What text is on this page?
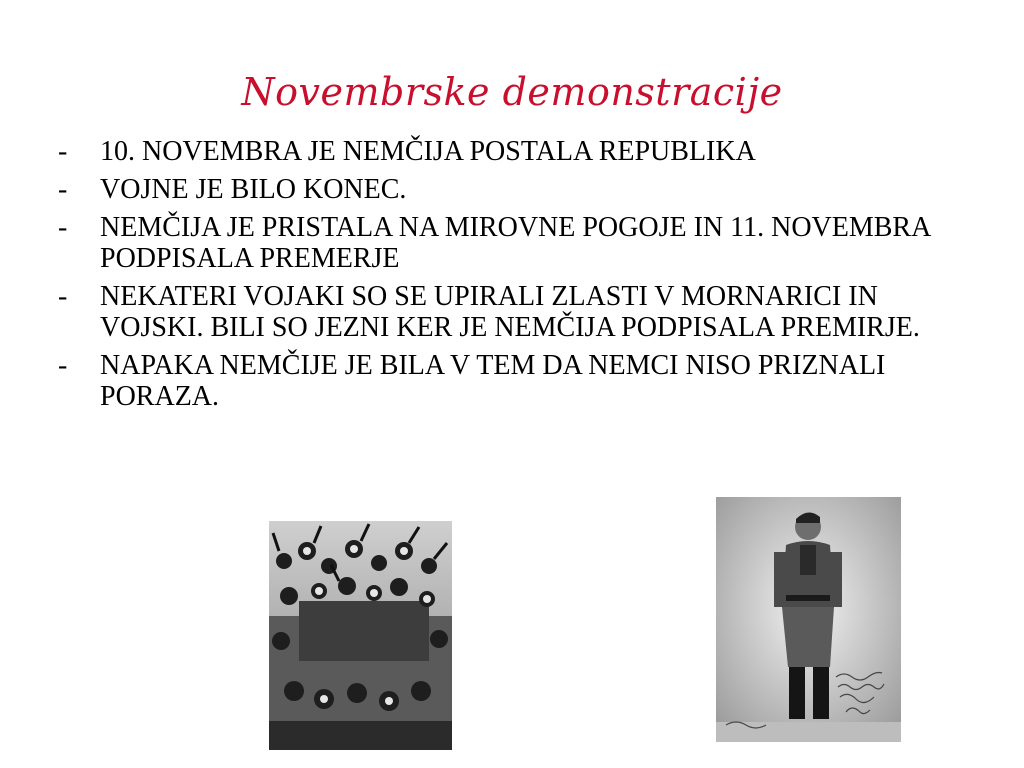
Novembrske demonstracije
-	10. NOVEMBRA JE NEMČIJA POSTALA REPUBLIKA
-	VOJNE JE BILO KONEC.
-	NEMČIJA JE PRISTALA NA MIROVNE POGOJE IN 11. NOVEMBRA PODPISALA PREMERJE
-	NEKATERI VOJAKI SO SE UPIRALI ZLASTI V MORNARICI IN VOJSKI. BILI SO JEZNI KER JE NEMČIJA PODPISALA PREMIRJE.
-	NAPAKA NEMČIJE JE BILA V TEM DA NEMCI NISO PRIZNALI PORAZA.
